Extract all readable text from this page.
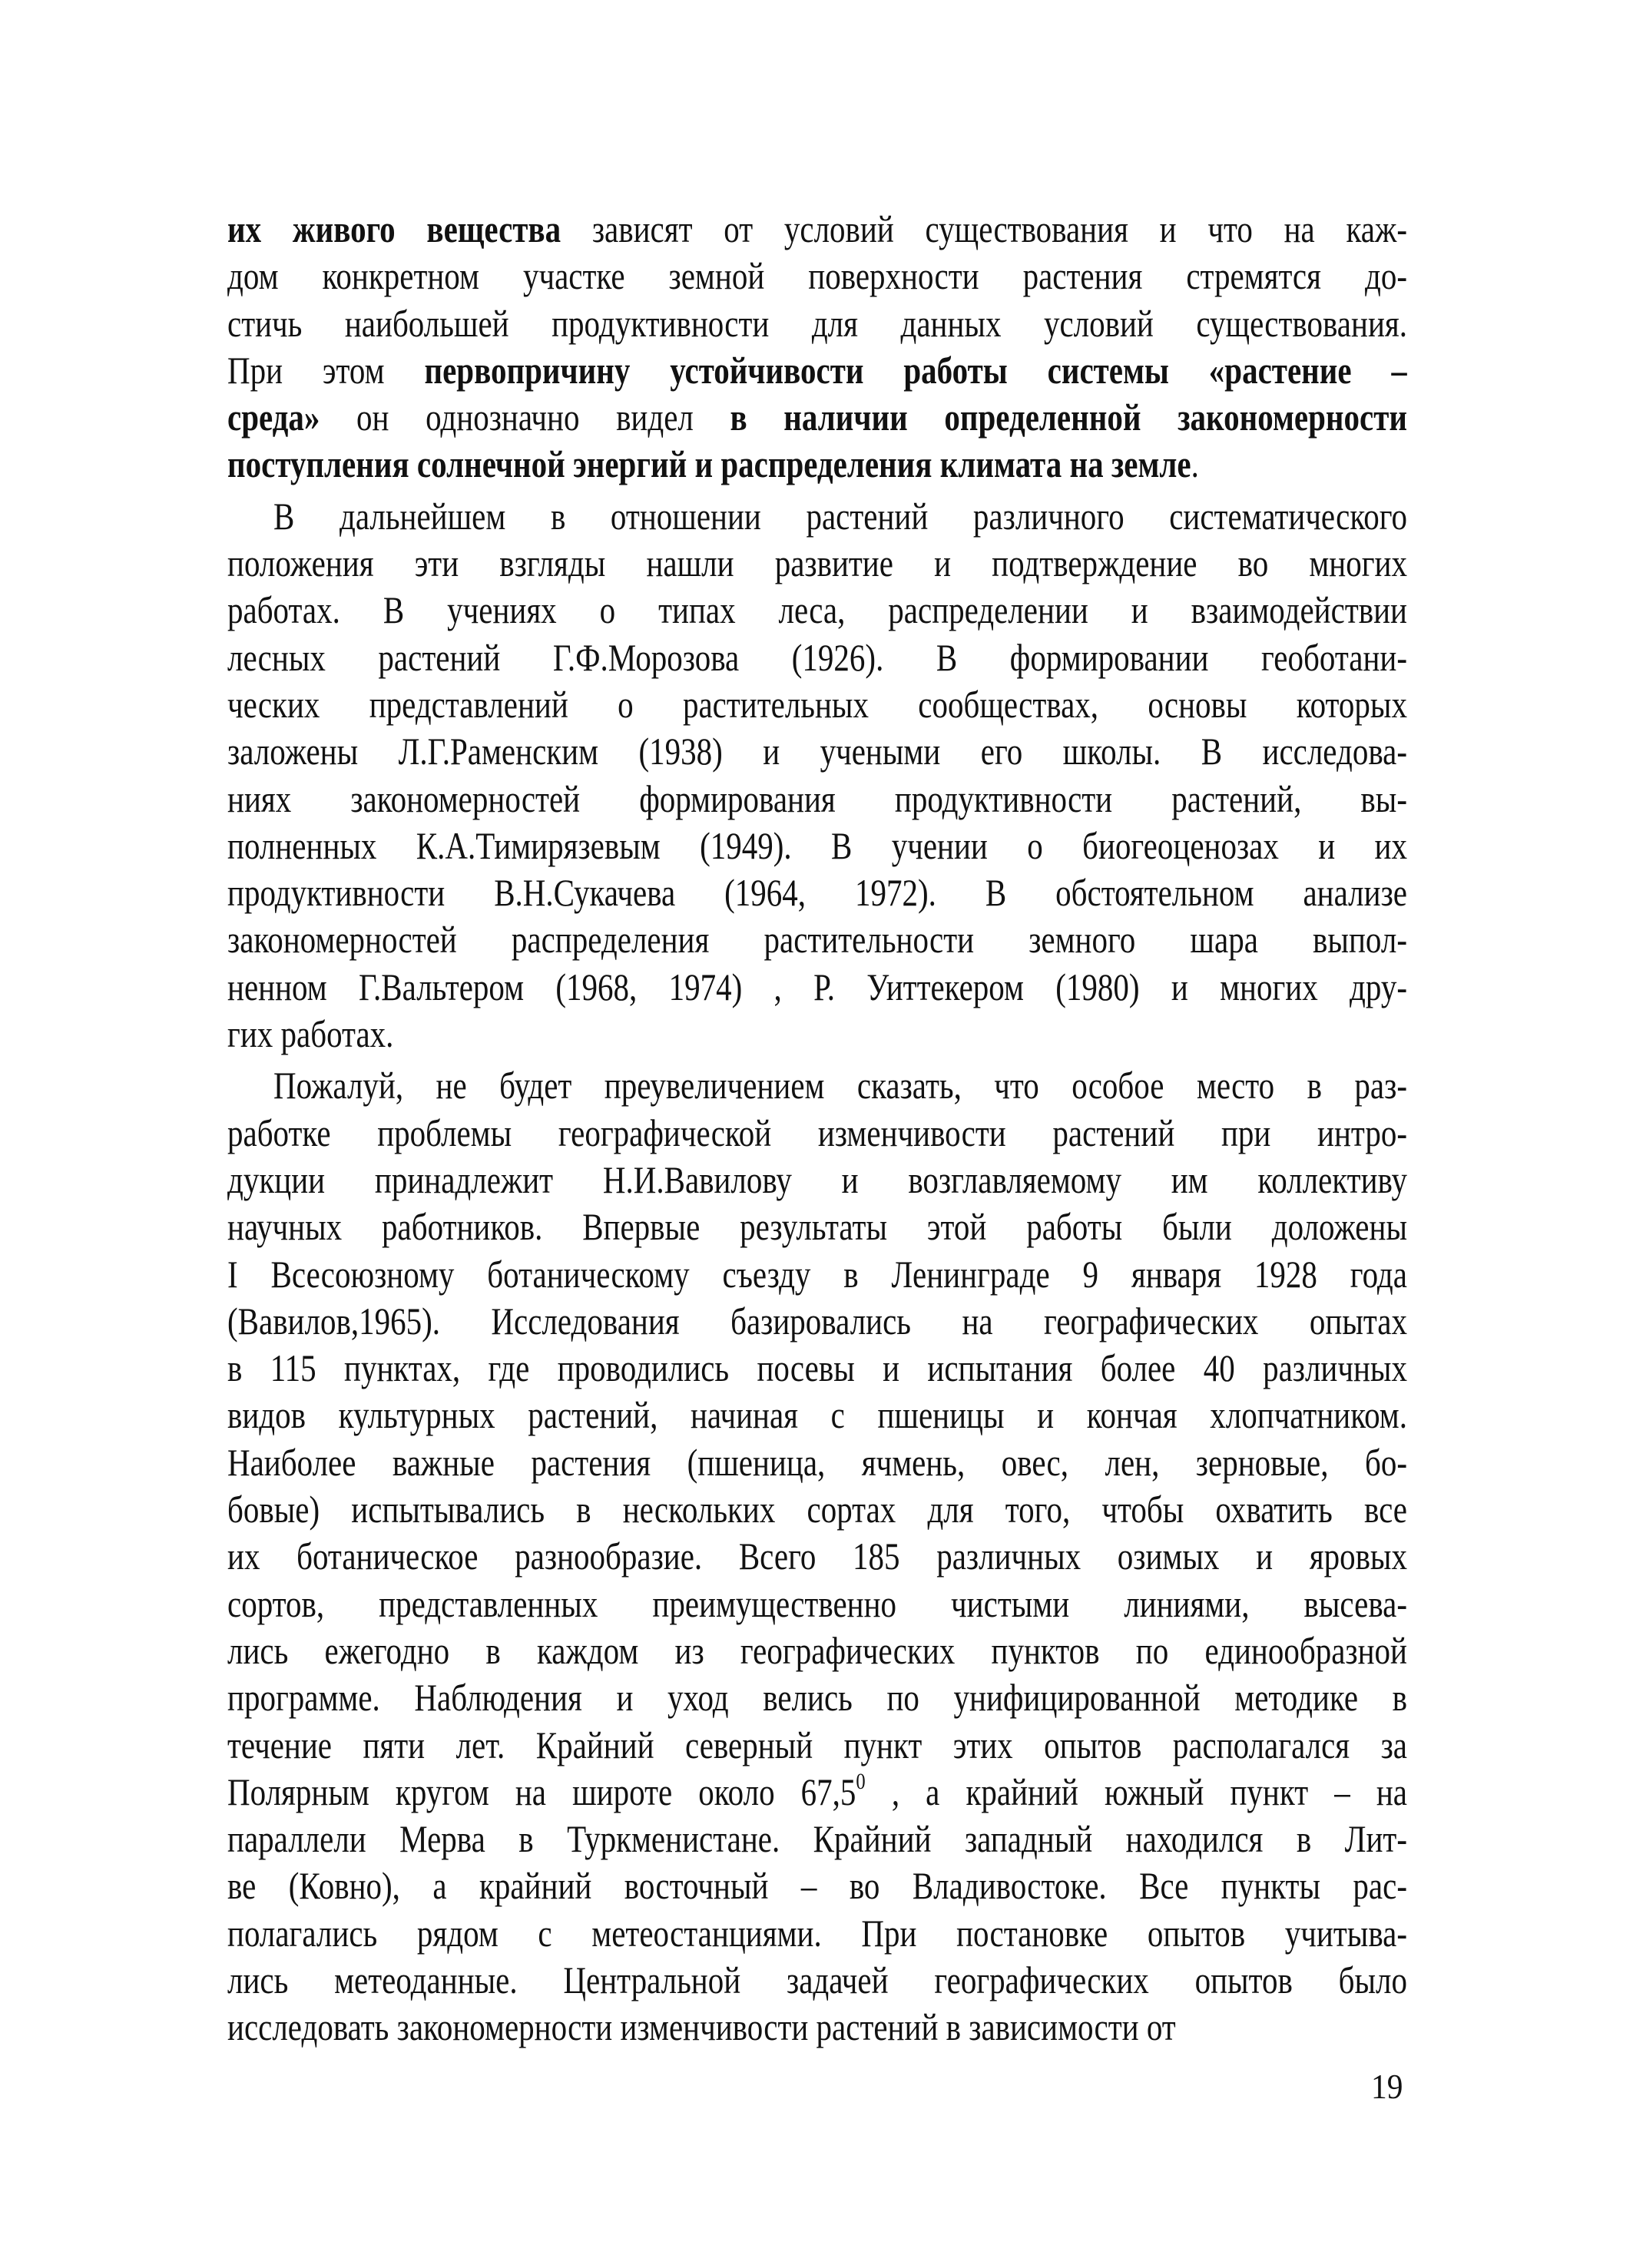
их живого вещества зависят от условий существования и что на каж-
дом конкретном участке земной поверхности растения стремятся до-
стичь наибольшей продуктивности для данных условий существования.
При этом первопричину устойчивости работы системы «растение –
среда» он однозначно видел в наличии определенной закономерности
поступления солнечной энергий и распределения климата на земле.
В дальнейшем в отношении растений различного систематического
положения эти взгляды нашли развитие и подтверждение во многих
работах. В учениях о типах леса, распределении и взаимодействии
лесных растений Г.Ф.Морозова (1926). В формировании геоботани-
ческих представлений о растительных сообществах, основы которых
заложены Л.Г.Раменским (1938) и учеными его школы. В исследова-
ниях закономерностей формирования продуктивности растений, вы-
полненных К.А.Тимирязевым (1949). В учении о биогеоценозах и их
продуктивности В.Н.Сукачева (1964, 1972). В обстоятельном анализе
закономерностей распределения растительности земного шара выпол-
ненном Г.Вальтером (1968, 1974) , Р. Уиттекером (1980) и многих дру-
гих работах.
Пожалуй, не будет преувеличением сказать, что особое место в раз-
работке проблемы географической изменчивости растений при интро-
дукции принадлежит Н.И.Вавилову и возглавляемому им коллективу
научных работников. Впервые результаты этой работы были доложены
I Всесоюзному ботаническому съезду в Ленинграде 9 января 1928 года
(Вавилов,1965). Исследования базировались на географических опытах
в 115 пунктах, где проводились посевы и испытания более 40 различных
видов культурных растений, начиная с пшеницы и кончая хлопчатником.
Наиболее важные растения (пшеница, ячмень, овес, лен, зерновые, бо-
бовые) испытывались в нескольких сортах для того, чтобы охватить все
их ботаническое разнообразие. Всего 185 различных озимых и яровых
сортов, представленных преимущественно чистыми линиями, высева-
лись ежегодно в каждом из географических пунктов по единообразной
программе. Наблюдения и уход велись по унифицированной методике в
течение пяти лет. Крайний северный пункт этих опытов располагался за
Полярным кругом на широте около 67,5$^0$ , а крайний южный пункт – на
параллели Мерва в Туркменистане. Крайний западный находился в Лит-
ве (Ковно), а крайний восточный – во Владивостоке. Все пункты рас-
полагались рядом с метеостанциями. При постановке опытов учитыва-
лись метеоданные. Центральной задачей географических опытов было
исследовать закономерности изменчивости растений в зависимости от
19
